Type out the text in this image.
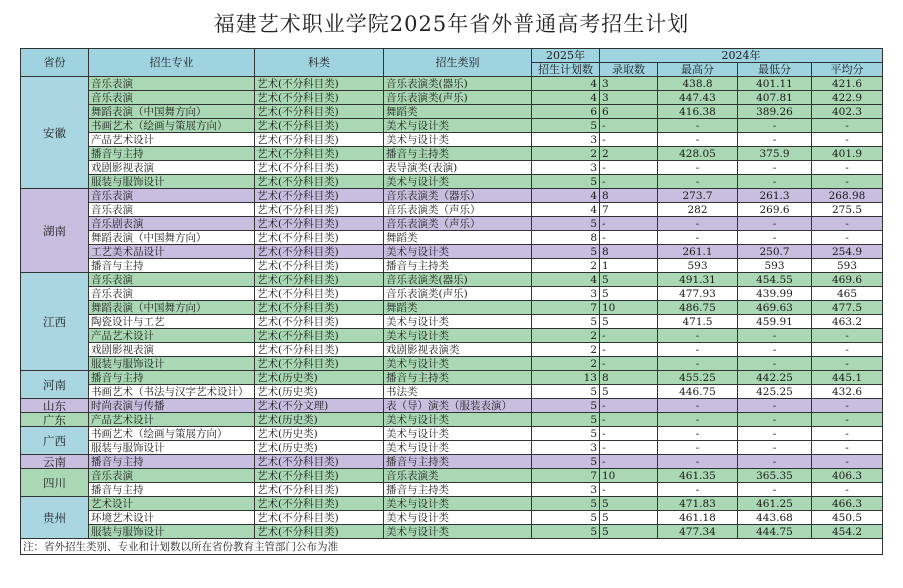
福建艺术职业学院2025年省外普通高考招生计划
省份	招生专业	科类	招生类别	2025年	2024年			
				招生计划数	录取数	最高分	最低分	平均分
安徽	音乐表演	艺术(不分科目类)	音乐表演类(器乐)	4	3	438.8	401.11	421.6
	音乐表演	艺术(不分科目类)	音乐表演类(声乐)	4	3	447.43	407.81	422.9
	舞蹈表演（中国舞方向）	艺术(不分科目类)	舞蹈类	6	6	416.38	389.26	402.3
	书画艺术（绘画与策展方向）	艺术(不分科目类)	美术与设计类	5	-	-	-	-
	产品艺术设计	艺术(不分科目类)	美术与设计类	3	-	-	-	-
	播音与主持	艺术(不分科目类)	播音与主持类	2	2	428.05	375.9	401.9
	戏剧影视表演	艺术(不分科目类)	表导演类(表演)	3	-	-	-	-
	服装与服饰设计	艺术(不分科目类)	美术与设计类	5	-	-	-	-
湖南	音乐表演	艺术(不分科目类)	音乐表演类（器乐）	4	8	273.7	261.3	268.98
	音乐表演	艺术(不分科目类)	音乐表演类（声乐）	4	7	282	269.6	275.5
	音乐剧表演	艺术(不分科目类)	音乐表演类（声乐）	5	-	-	-	-
	舞蹈表演（中国舞方向）	艺术(不分科目类)	舞蹈类	8	-	-	-	-
	工艺美术品设计	艺术(不分科目类)	美术与设计类	5	8	261.1	250.7	254.9
	播音与主持	艺术(不分科目类)	播音与主持类	2	1	593	593	593
江西	音乐表演	艺术(不分科目类)	音乐表演类(器乐)	4	5	491.31	454.55	469.6
	音乐表演	艺术(不分科目类)	音乐表演类(声乐)	3	5	477.93	439.99	465
	舞蹈表演（中国舞方向）	艺术(不分科目类)	舞蹈类	7	10	486.75	469.63	477.5
	陶瓷设计与工艺	艺术(不分科目类)	美术与设计类	5	5	471.5	459.91	463.2
	产品艺术设计	艺术(不分科目类)	美术与设计类	2	-	-	-	-
	戏剧影视表演	艺术(不分科目类)	戏剧影视表演类	2	-	-	-	-
	服装与服饰设计	艺术(不分科目类)	美术与设计类	2	-	-	-	-
河南	播音与主持	艺术(历史类)	播音与主持类	13	8	455.25	442.25	445.1
	书画艺术（书法与汉字艺术设计）	艺术(历史类)	书法类	5	5	446.75	425.25	432.6
山东	时尚表演与传播	艺术(不分文理)	表（导）演类（服装表演）	5	-	-	-	-
广东	产品艺术设计	艺术(历史类)	美术与设计类	5	-	-	-	-
广西	书画艺术（绘画与策展方向）	艺术(历史类)	美术与设计类	5	-	-	-	-
	服装与服饰设计	艺术(历史类)	美术与设计类	3	-	-	-	-
云南	播音与主持	艺术(不分科目类)	播音与主持类	5	-	-	-	-
四川	音乐表演	艺术(不分科目类)	音乐表演类	7	10	461.35	365.35	406.3
	播音与主持	艺术(不分科目类)	播音与主持类	3	-	-	-	-
贵州	艺术设计	艺术(不分科目类)	美术与设计类	5	5	471.83	461.25	466.3
	环境艺术设计	艺术(不分科目类)	美术与设计类	5	5	461.18	443.68	450.5
	服装与服饰设计	艺术(不分科目类)	美术与设计类	5	5	477.34	444.75	454.2
注：省外招生类别、专业和计划数以所在省份教育主管部门公布为准								
